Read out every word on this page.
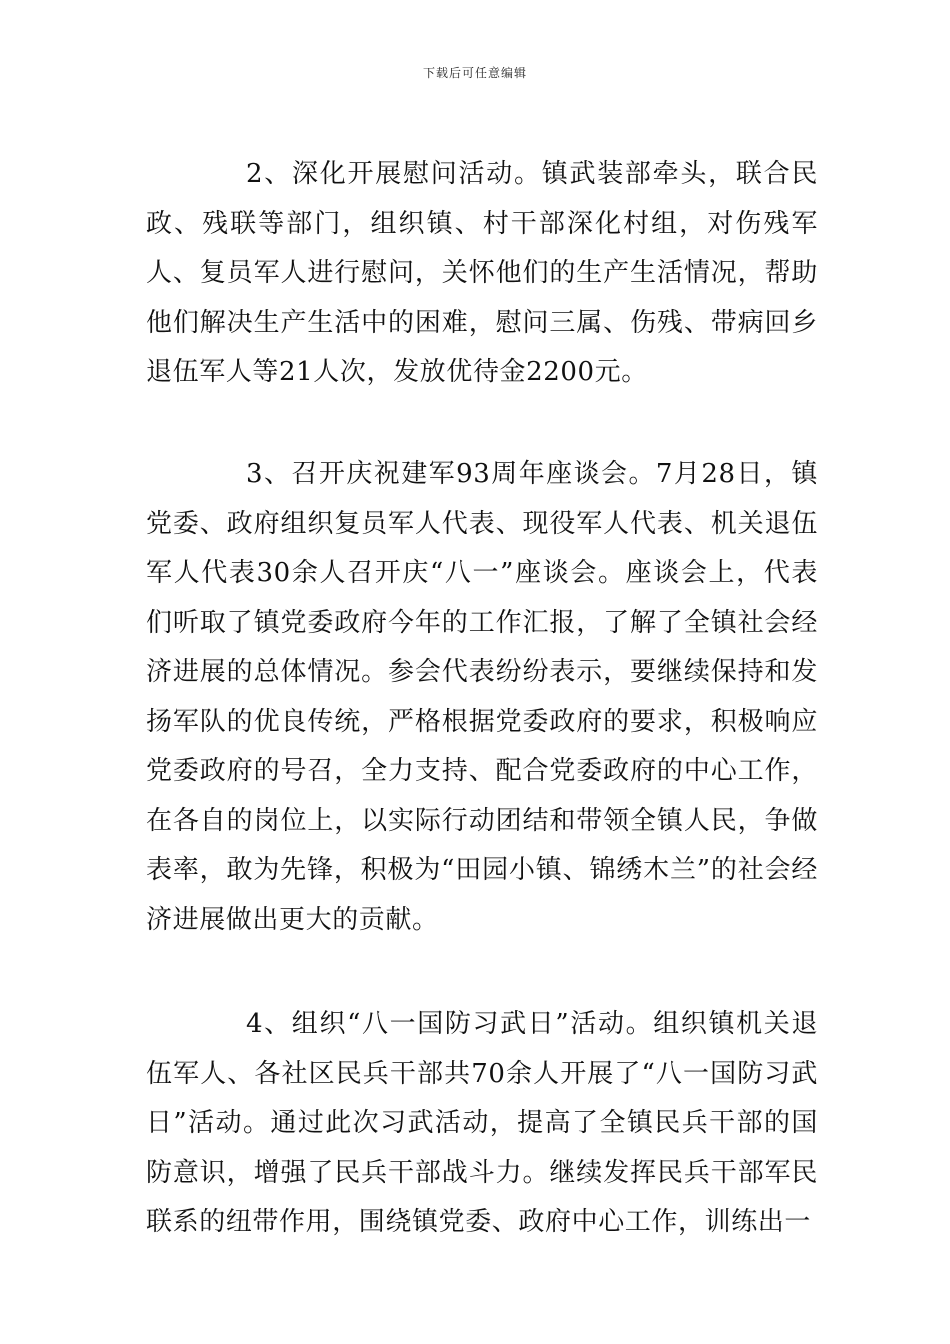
下载后可任意编辑

2、深化开展慰问活动。镇武装部牵头，联合民政、残联等部门，组织镇、村干部深化村组，对伤残军人、复员军人进行慰问，关怀他们的生产生活情况，帮助他们解决生产生活中的困难，慰问三属、伤残、带病回乡退伍军人等21人次，发放优待金2200元。

3、召开庆祝建军93周年座谈会。7月28日，镇党委、政府组织复员军人代表、现役军人代表、机关退伍军人代表30余人召开庆“八一”座谈会。座谈会上，代表们听取了镇党委政府今年的工作汇报，了解了全镇社会经济进展的总体情况。参会代表纷纷表示，要继续保持和发扬军队的优良传统，严格根据党委政府的要求，积极响应党委政府的号召，全力支持、配合党委政府的中心工作，在各自的岗位上，以实际行动团结和带领全镇人民，争做表率，敢为先锋，积极为“田园小镇、锦绣木兰”的社会经济进展做出更大的贡献。

4、组织“八一国防习武日”活动。组织镇机关退伍军人、各社区民兵干部共70余人开展了“八一国防习武日”活动。通过此次习武活动，提高了全镇民兵干部的国防意识，增强了民兵干部战斗力。继续发挥民兵干部军民联系的纽带作用，围绕镇党委、政府中心工作，训练出一
